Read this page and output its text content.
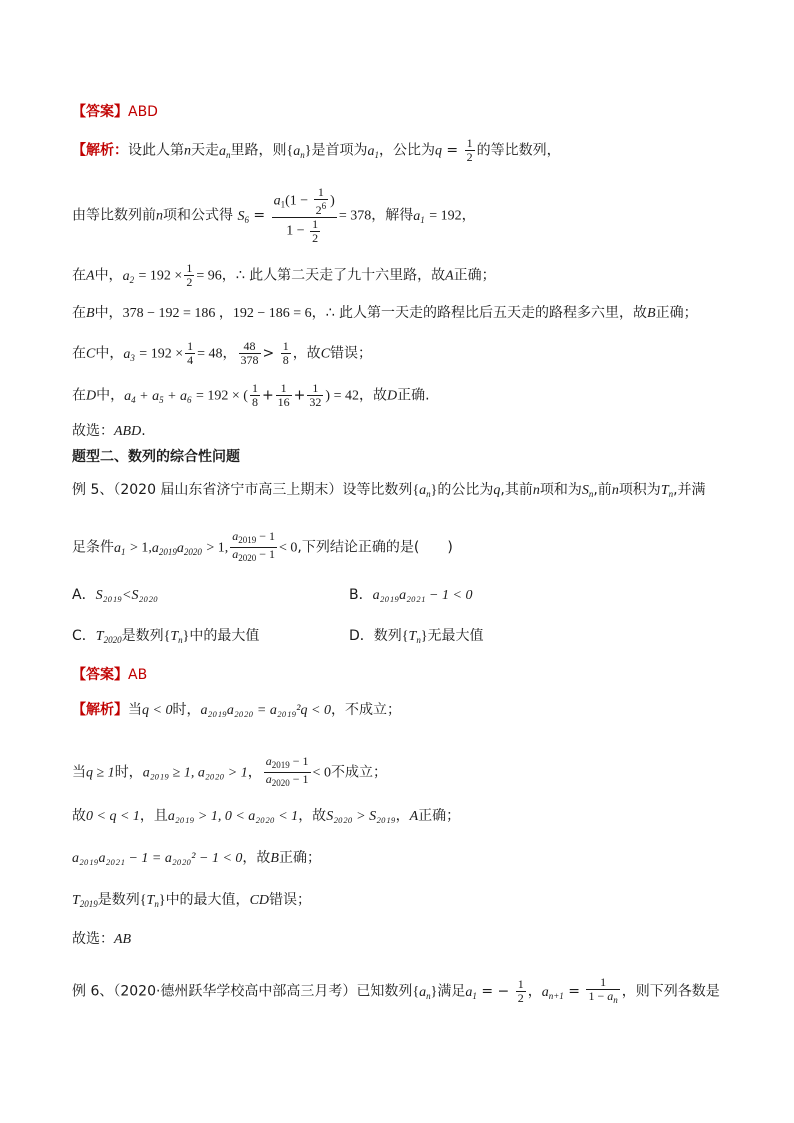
【答案】ABD
【解析：设此人第n天走$a_n$里路，则$\{a_n\}$是首项为$a_1$，公比为$q = \frac{1}{2}$ 的等比数列，
由等比数列前n项和公式得 $S_6 = \frac{a_1(1 - \frac{1}{2^6} )}{1 - \frac{1}{2}} = 378$，解得$a_1 = 192$，
在A中，$a_2 = 192 \times \frac{1}{2} = 96$，∴ 此人第二天走了九十六里路，故A正确；
在B中，378 − 192 = 186 ，192 − 186 = 6，∴ 此人第一天走的路程比后五天走的路程多六里，故B正确；
在C中，$a_3 = 192 \times \frac{1}{4} = 48$， $\frac{48}{378} > \frac{1}{8}$ ，故C错误；
在D中，$a_4 + a_5 + a_6 = 192$ × ( $\frac{1}{8} + \frac{1}{16} + \frac{1}{32}$ ) = 42，故D正确.
故选：ABD.
题型二、数列的综合性问题
例 5、（2020 届山东省济宁市高三上期末）设等比数列$\{a_n\}$的公比为q,其前n项和为$S_n$,前n项积为$T_n$,并满
足条件$a_1 > 1,a_{2019}a_{2020} > 1$, $\frac{a_{2019} - 1}{a_{2020} - 1} < 0$,下列结论正确的是(　　)
A．S₂₀₁₉<S₂₀₂₀	B．a₂₀₁₉a₂₀₂₁ − 1 < 0
C．$T_{2020}$是数列$\{T_n\}$中的最大值	D．数列$\{T_n\}$无最大值
【答案】AB
【解析】当q < 0时，a₂₀₁₉a₂₀₂₀ = a₂₀₁₉²q < 0，不成立；
当q ≥ 1时，a₂₀₁₉ ≥ 1, a₂₀₂₀ > 1， $\frac{a_{2019} - 1}{a_{2020} - 1} < 0$不成立；
故0 < q < 1，且a₂₀₁₉ > 1, 0 < a₂₀₂₀ < 1，故S₂₀₂₀ > S₂₀₁₉，A正确；
a₂₀₁₉a₂₀₂₁ − 1 = a₂₀₂₀² − 1 < 0，故B正确；
$T_{2019}$是数列$\{T_n\}$中的最大值，CD错误；
故选：AB
例 6、（2020·德州跃华学校高中部高三月考）已知数列$\{a_n\}$满足$a_1$ = − $\frac{1}{2}$ ，$a_{n+1} = \frac{1}{1 - a_n}$ ，则下列各数是
